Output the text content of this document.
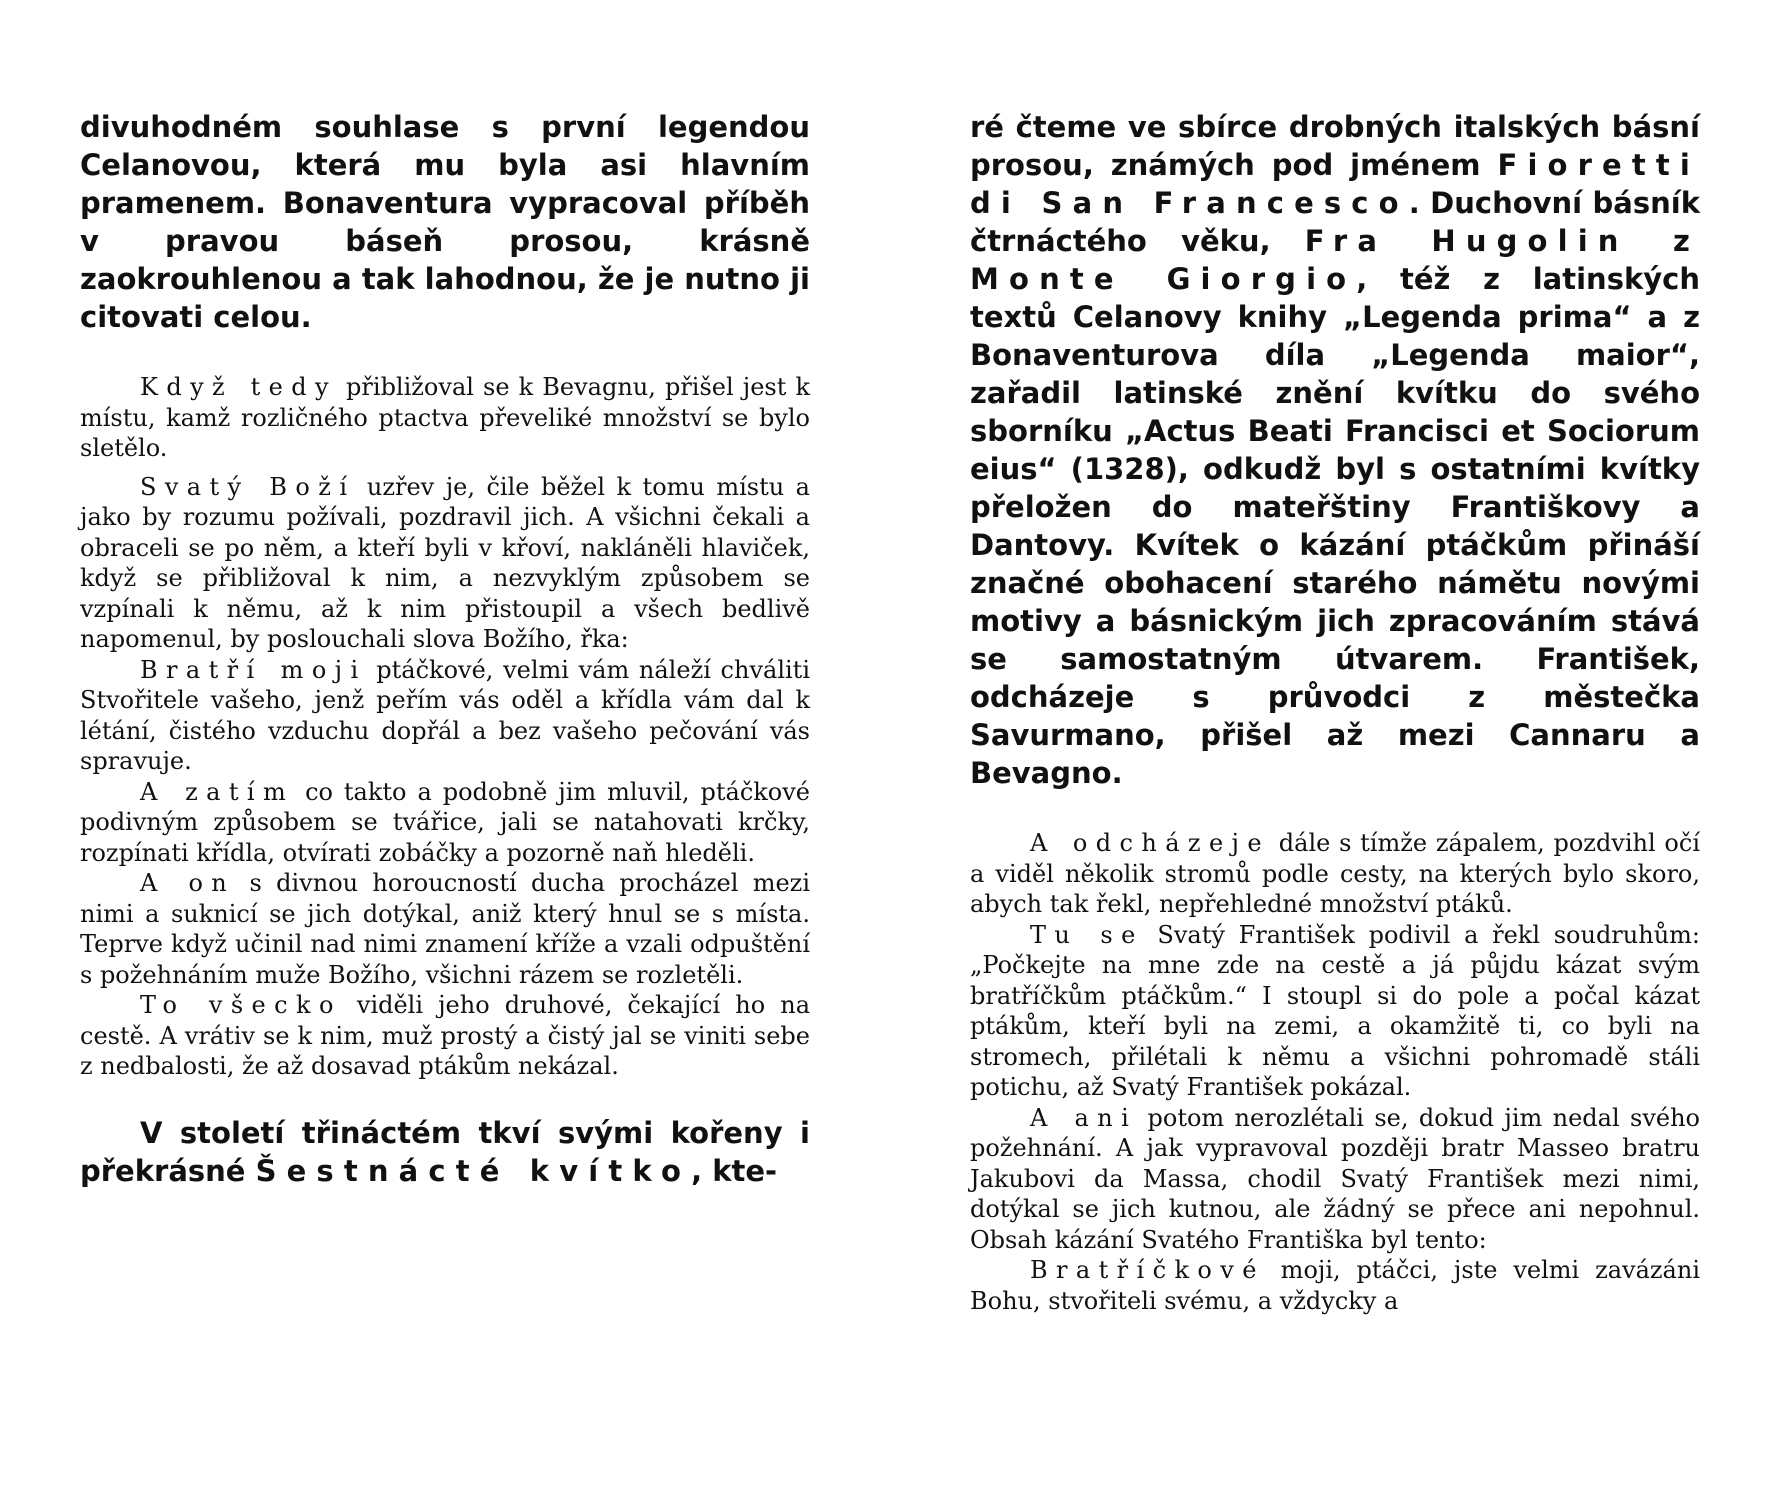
divuhodném souhlase s první legendou Celanovou, která mu byla asi hlavním pramenem. Bonaventura vypracoval příběh v pravou báseň prosou, krásně zaokrouhlenou a tak lahodnou, že je nutno ji citovati celou.

Když tedy přibližoval se k Bevagnu, přišel jest k místu, kamž rozličného ptactva převeliké množství se bylo sletělo.

Svatý Boží uzřev je, čile běžel k tomu místu a jako by rozumu požívali, pozdravil jich. A všichni čekali a obraceli se po něm, a kteří byli v křoví, nakláněli hlaviček, když se přibližoval k nim, a nezvyklým způsobem se vzpínali k němu, až k nim přistoupil a všech bedlivě napomenul, by poslouchali slova Božího, řka:

Bratří moji ptáčkové, velmi vám náleží chváliti Stvořitele vašeho, jenž peřím vás oděl a křídla vám dal k létání, čistého vzduchu dopřál a bez vašeho pečování vás spravuje.

A zatím co takto a podobně jim mluvil, ptáčkové podivným způsobem se tvářice, jali se natahovati krčky, rozpínati křídla, otvírati zobáčky a pozorně naň hleděli.

A on s divnou horoucností ducha procházel mezi nimi a suknicí se jich dotýkal, aniž který hnul se s místa. Teprve když učinil nad nimi znamení kříže a vzali odpuštění s požehnáním muže Božího, všichni rázem se rozletěli.

To všecko viděli jeho druhové, čekající ho na cestě. A vrátiv se k nim, muž prostý a čistý jal se viniti sebe z nedbalosti, že až dosavad ptákům nekázal.

V století třináctém tkví svými kořeny i překrásné Šestnácté kvítko, kte-

ré čteme ve sbírce drobných italských básní prosou, známých pod jménem Fioretti di San Francesco. Duchovní básník čtrnáctého věku, Fra Hugolin z Monte Giorgio, též z latinských textů Celanovy knihy „Legenda prima“ a z Bonaventurova díla „Legenda maior“, zařadil latinské znění kvítku do svého sborníku „Actus Beati Francisci et Sociorum eius“ (1328), odkudž byl s ostatními kvítky přeložen do mateřštiny Františkovy a Dantovy. Kvítek o kázání ptáčkům přináší značné obohacení starého námětu novými motivy a básnickým jich zpracováním stává se samostatným útvarem. František, odcházeje s průvodci z městečka Savurmano, přišel až mezi Cannaru a Bevagno.

A odcházeje dále s tímže zápalem, pozdvihl očí a viděl několik stromů podle cesty, na kterých bylo skoro, abych tak řekl, nepřehledné množství ptáků.

Tu se Svatý František podivil a řekl soudruhům: „Počkejte na mne zde na cestě a já půjdu kázat svým bratříčkům ptáčkům.“ I stoupl si do pole a počal kázat ptákům, kteří byli na zemi, a okamžitě ti, co byli na stromech, přilétali k němu a všichni pohromadě stáli potichu, až Svatý František pokázal.

A ani potom nerozlétali se, dokud jim nedal svého požehnání. A jak vypravoval později bratr Masseo bratru Jakubovi da Massa, chodil Svatý František mezi nimi, dotýkal se jich kutnou, ale žádný se přece ani nepohnul. Obsah kázání Svatého Františka byl tento:

Bratříčkové moji, ptáčci, jste velmi zavázáni Bohu, stvořiteli svému, a vždycky a
